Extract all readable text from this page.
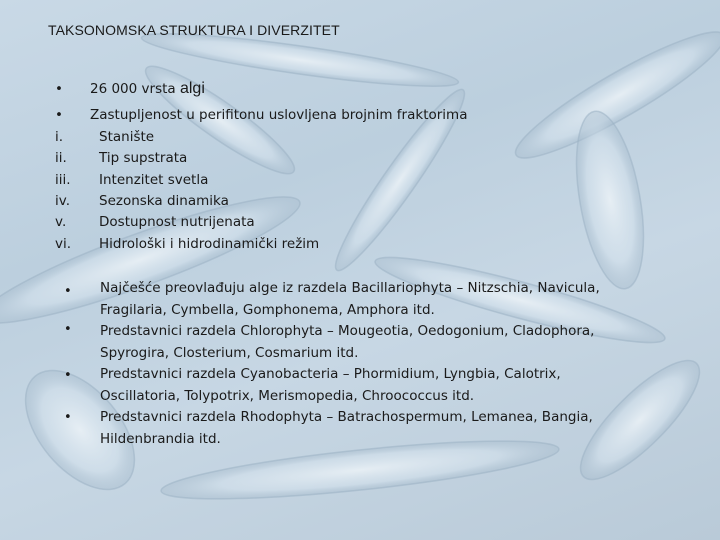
TAKSONOMSKA STRUKTURA I DIVERZITET
• 26 000 vrsta algi
• Zastupljenost u perifitonu uslovljena brojnim fraktorima
i.	Stanište
ii. Tip supstrata
iii. Intenzitet svetla
iv. Sezonska dinamika
v. Dostupnost nutrijenata
vi. Hidrološki i hidrodinamički režim
• Najčešće preovlađuju alge iz razdela Bacillariophyta – Nitzschia, Navicula, Fragilaria, Cymbella, Gomphonema, Amphora itd.
• Predstavnici razdela Chlorophyta – Mougeotia, Oedogonium, Cladophora, Spyrogira, Closterium, Cosmarium itd.
• Predstavnici razdela Cyanobacteria – Phormidium, Lyngbia, Calotrix, Oscillatoria, Tolypotrix, Merismopedia, Chroococcus itd.
• Predstavnici razdela Rhodophyta – Batrachospermum, Lemanea, Bangia, Hildenbrandia itd.
